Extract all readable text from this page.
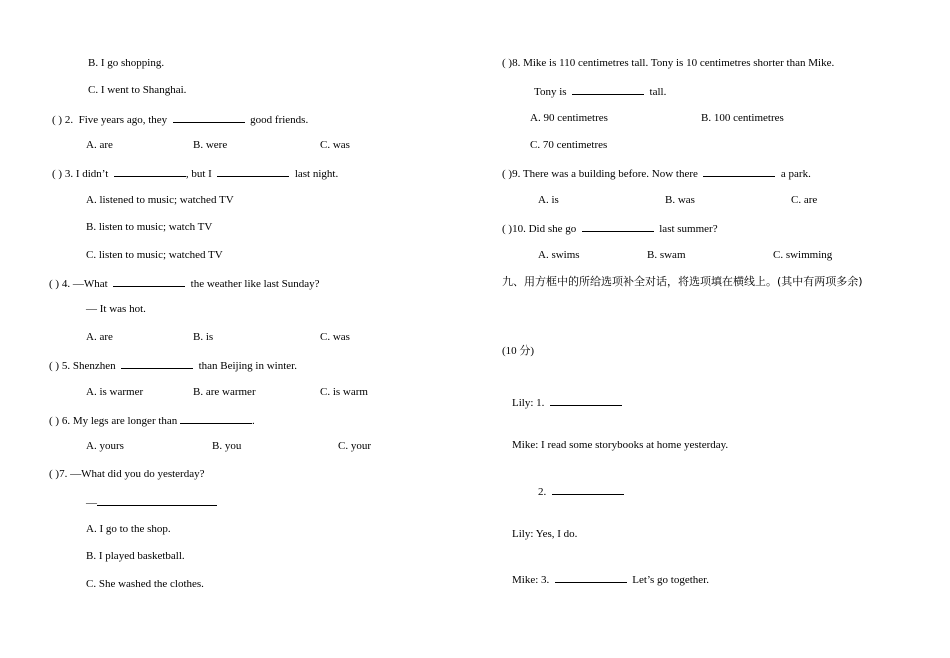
B. I go shopping.
C. I went to Shanghai.
( ) 2. Five years ago, they	good friends.
A. are	B. were	C. was
( ) 3. I didn’t	, but I	last night.
A. listened to music; watched TV
B. listen to music; watch TV
C. listen to music; watched TV
( ) 4. —What	the weather like last Sunday?
— It was hot.
A. are	B. is	C. was
( ) 5. Shenzhen	than Beijing in winter.
A. is warmer	B. are warmer	C. is warm
( ) 6. My legs are longer than	.
A. yours	B. you	C. your
( )7. —What did you do yesterday?
—
A. I go to the shop.
B. I played basketball.
C. She washed the clothes.
( )8. Mike is 110 centimetres tall. Tony is 10 centimetres shorter than Mike.
Tony is	tall.
A. 90 centimetres	B. 100 centimetres
C. 70 centimetres
( )9. There was a building before. Now there	a park.
A. is	B. was	C. are
( )10. Did she go	last summer?
A. swims	B. swam	C. swimming
九、用方框中的所给选项补全对话，将选项填在横线上。(其中有两项多余)
(10 分)
Lily: 1.
Mike: I read some storybooks at home yesterday.
2.
Lily: Yes, I do.
Mike: 3.	Let’s go together.
